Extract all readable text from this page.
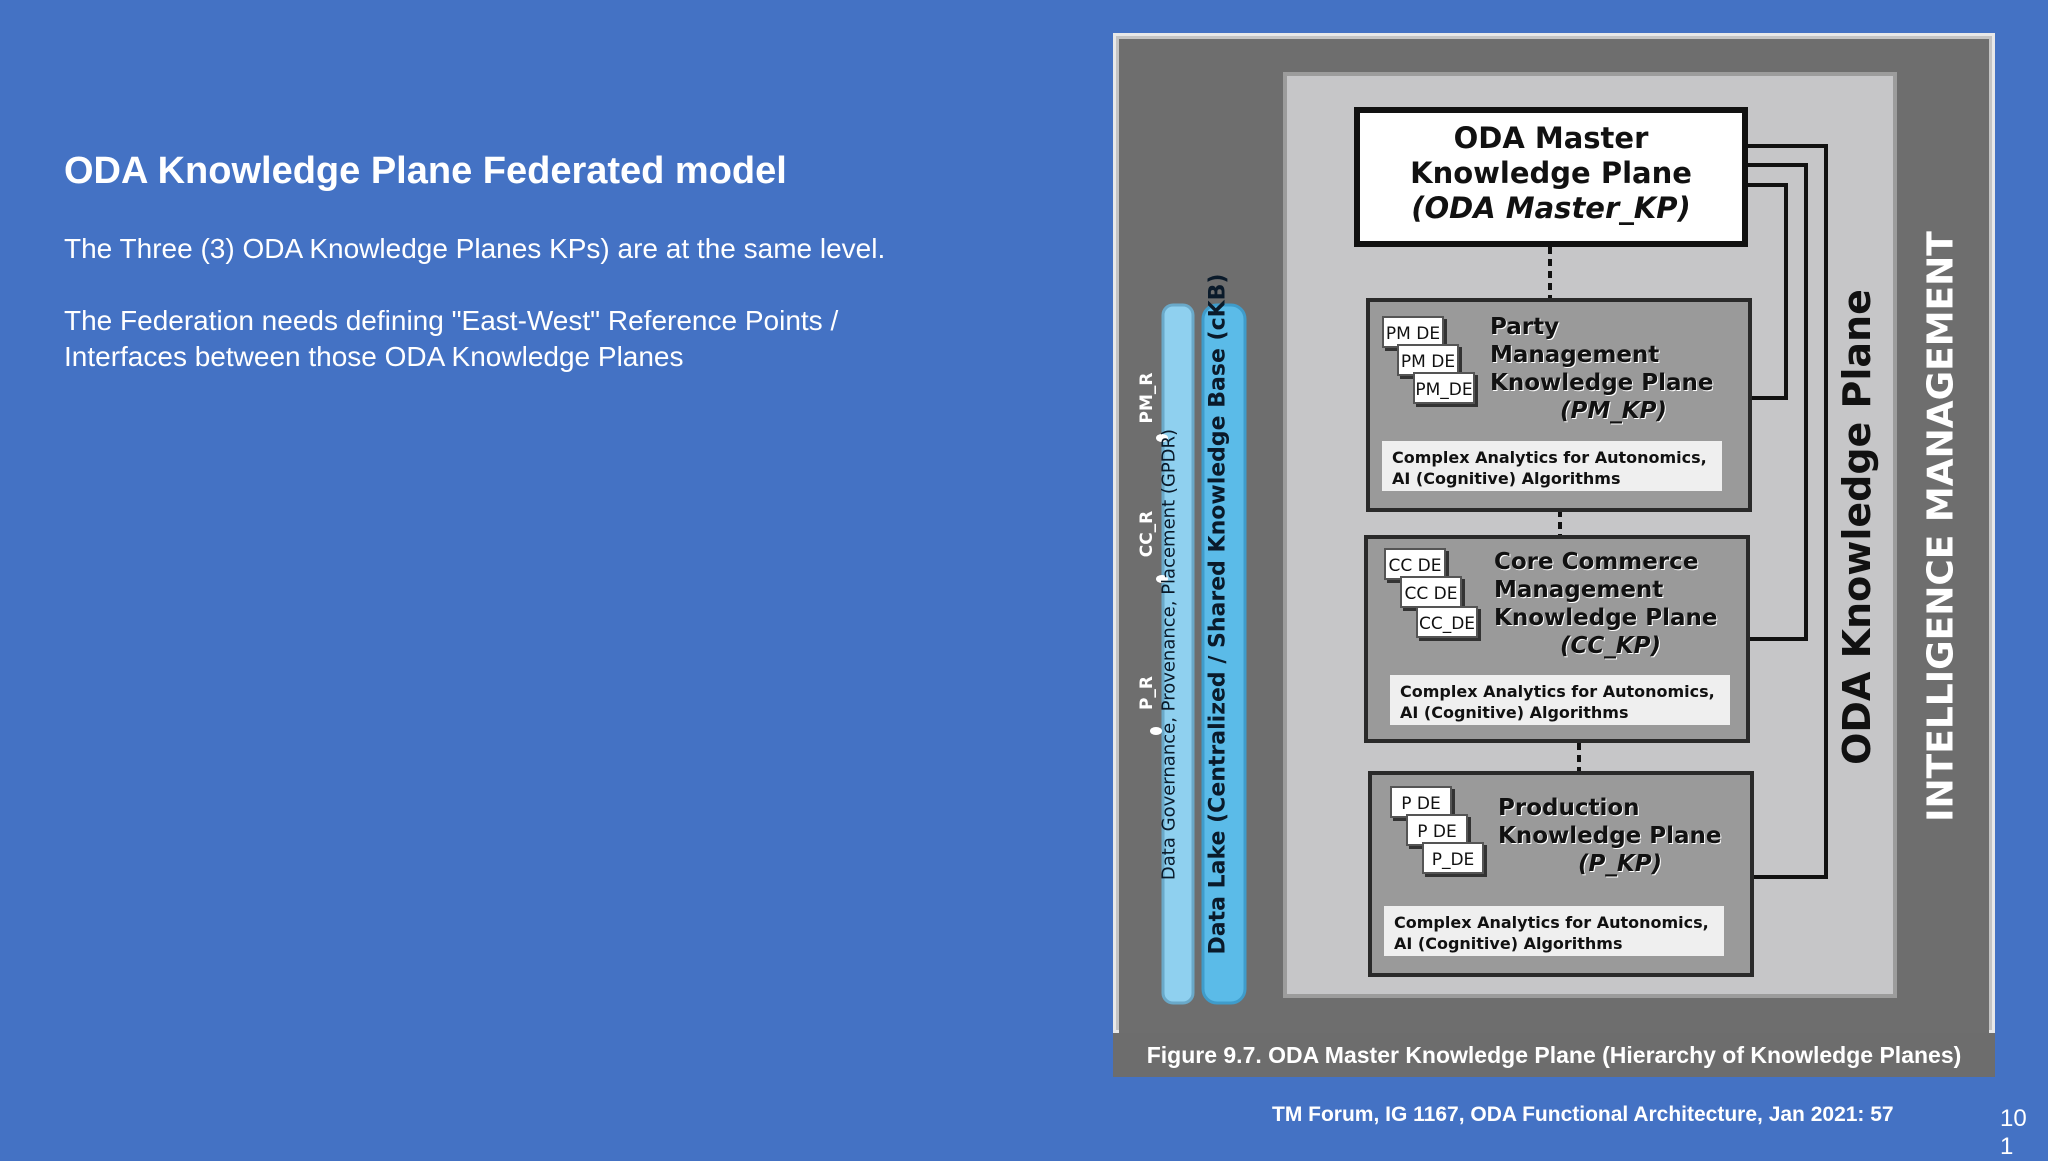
ODA Knowledge Plane Federated model

The Three (3) ODA Knowledge Planes KPs) are at the same level.

The Federation needs defining "East-West" Reference Points / Interfaces between those ODA Knowledge Planes

Data Governance, Provenance, Placement (GPDR) Data Lake (Centralized / Shared Knowledge Base (cKB)
PM_R
CC_R
P_R	ODA Knowledge Plane INTELLIGENCE MANAGEMENT
ODA Master
Knowledge Plane
(ODA Master_KP)
PM DE
PM DE
PM_DE
Party
Management
Knowledge Plane
(PM_KP)
Complex Analytics for Autonomics,
AI (Cognitive) Algorithms
CC DE
CC DE
CC_DE
Core Commerce
Management
Knowledge Plane
(CC_KP)
Complex Analytics for Autonomics,
AI (Cognitive) Algorithms
P DE
P DE
P_DE
Production
Knowledge Plane
(P_KP)
Complex Analytics for Autonomics,
AI (Cognitive) Algorithms
Figure 9.7. ODA Master Knowledge Plane (Hierarchy of Knowledge Planes)
TM Forum, IG 1167, ODA Functional Architecture, Jan 2021: 57	10
1
